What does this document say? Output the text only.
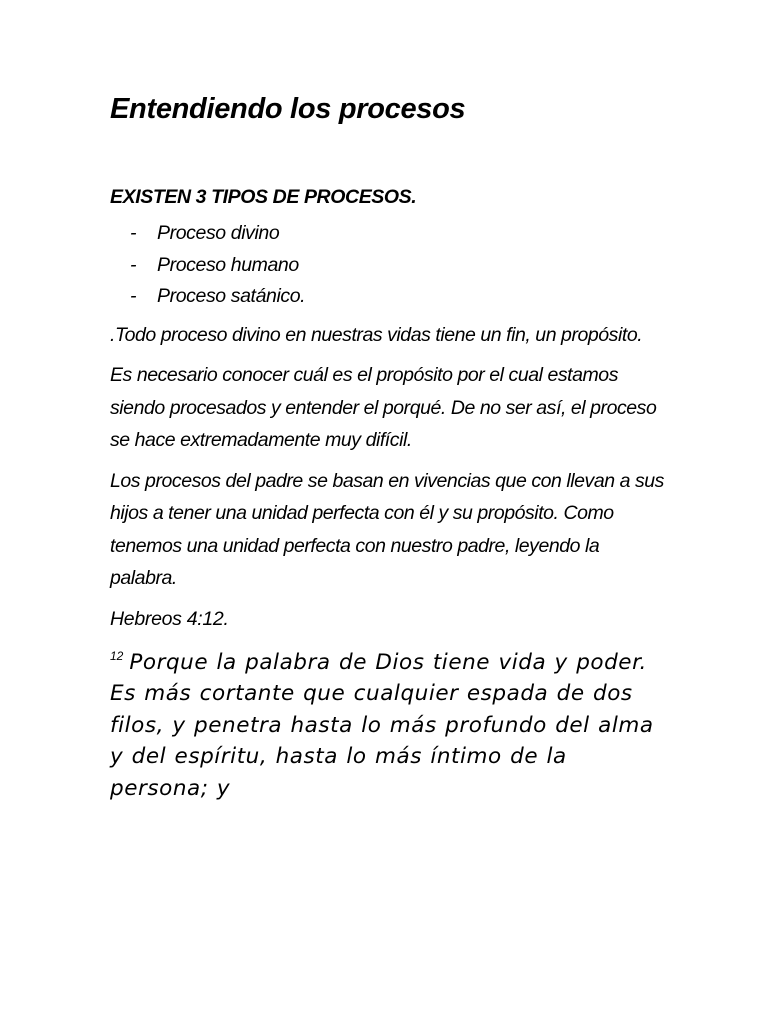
Entendiendo los procesos
EXISTEN 3 TIPOS DE PROCESOS.
- Proceso divino
- Proceso humano
- Proceso satánico.

.Todo proceso divino en nuestras vidas tiene un fin, un propósito.

Es necesario conocer cuál es el propósito por el cual estamos siendo procesados y entender el porqué. De no ser así, el proceso se hace extremadamente muy difícil.

Los procesos del padre se basan en vivencias que con llevan a sus hijos a tener una unidad perfecta con él y su propósito. Como tenemos una unidad perfecta con nuestro padre, leyendo la palabra.

Hebreos 4:12.

$^{12}$ Porque la palabra de Dios tiene vida y poder. Es más cortante que cualquier espada de dos filos, y penetra hasta lo más profundo del alma y del espíritu, hasta lo más íntimo de la persona; y
